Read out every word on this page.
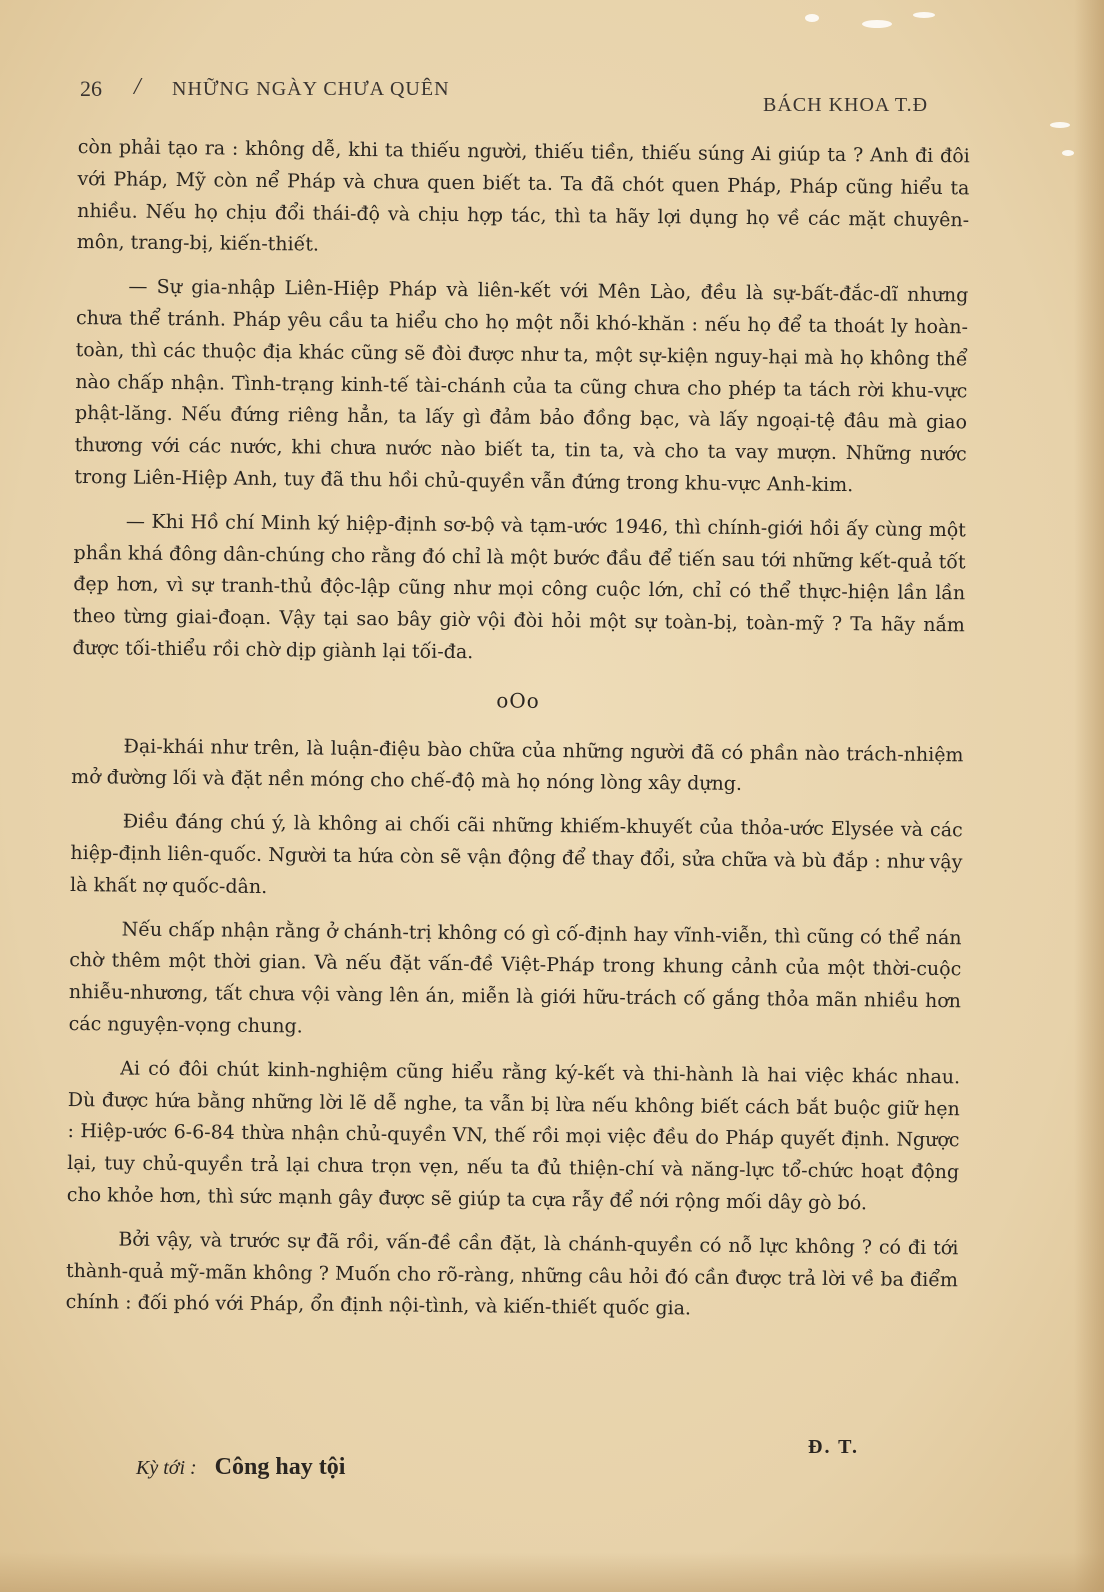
26 / NHỮNG NGÀY CHƯA QUÊN
BÁCH KHOA T.Đ

còn phải tạo ra : không dễ, khi ta thiếu người, thiếu tiền, thiếu súng Ai giúp ta ? Anh đi đôi với Pháp, Mỹ còn nể Pháp và chưa quen biết ta. Ta đã chót quen Pháp, Pháp cũng hiểu ta nhiều. Nếu họ chịu đổi thái-độ và chịu hợp tác, thì ta hãy lợi dụng họ về các mặt chuyên-môn, trang-bị, kiến-thiết.

— Sự gia-nhập Liên-Hiệp Pháp và liên-kết với Mên Lào, đều là sự-bất-đắc-dĩ nhưng chưa thể tránh. Pháp yêu cầu ta hiểu cho họ một nỗi khó-khăn : nếu họ để ta thoát ly hoàn-toàn, thì các thuộc địa khác cũng sẽ đòi được như ta, một sự-kiện nguy-hại mà họ không thể nào chấp nhận. Tình-trạng kinh-tế tài-chánh của ta cũng chưa cho phép ta tách rời khu-vực phật-lăng. Nếu đứng riêng hẳn, ta lấy gì đảm bảo đồng bạc, và lấy ngoại-tệ đâu mà giao thương với các nước, khi chưa nước nào biết ta, tin ta, và cho ta vay mượn. Những nước trong Liên-Hiệp Anh, tuy đã thu hồi chủ-quyền vẫn đứng trong khu-vực Anh-kim.

— Khi Hồ chí Minh ký hiệp-định sơ-bộ và tạm-ước 1946, thì chính-giới hồi ấy cùng một phần khá đông dân-chúng cho rằng đó chỉ là một bước đầu để tiến sau tới những kết-quả tốt đẹp hơn, vì sự tranh-thủ độc-lập cũng như mọi công cuộc lớn, chỉ có thể thực-hiện lần lần theo từng giai-đoạn. Vậy tại sao bây giờ vội đòi hỏi một sự toàn-bị, toàn-mỹ ? Ta hãy nắm được tối-thiểu rồi chờ dịp giành lại tối-đa.

oOo

Đại-khái như trên, là luận-điệu bào chữa của những người đã có phần nào trách-nhiệm mở đường lối và đặt nền móng cho chế-độ mà họ nóng lòng xây dựng.

Điều đáng chú ý, là không ai chối cãi những khiếm-khuyết của thỏa-ước Elysée và các hiệp-định liên-quốc. Người ta hứa còn sẽ vận động để thay đổi, sửa chữa và bù đắp : như vậy là khất nợ quốc-dân.

Nếu chấp nhận rằng ở chánh-trị không có gì cố-định hay vĩnh-viễn, thì cũng có thể nán chờ thêm một thời gian. Và nếu đặt vấn-đề Việt-Pháp trong khung cảnh của một thời-cuộc nhiễu-nhương, tất chưa vội vàng lên án, miễn là giới hữu-trách cố gắng thỏa mãn nhiều hơn các nguyện-vọng chung.

Ai có đôi chút kinh-nghiệm cũng hiểu rằng ký-kết và thi-hành là hai việc khác nhau. Dù được hứa bằng những lời lẽ dễ nghe, ta vẫn bị lừa nếu không biết cách bắt buộc giữ hẹn : Hiệp-ước 6-6-84 thừa nhận chủ-quyền VN, thế rồi mọi việc đều do Pháp quyết định. Ngược lại, tuy chủ-quyền trả lại chưa trọn vẹn, nếu ta đủ thiện-chí và năng-lực tổ-chức hoạt động cho khỏe hơn, thì sức mạnh gây được sẽ giúp ta cựa rẫy để nới rộng mối dây gò bó.

Bởi vậy, và trước sự đã rồi, vấn-đề cần đặt, là chánh-quyền có nỗ lực không ? có đi tới thành-quả mỹ-mãn không ? Muốn cho rõ-ràng, những câu hỏi đó cần được trả lời về ba điểm chính : đối phó với Pháp, ổn định nội-tình, và kiến-thiết quốc gia.

Đ. T.
Kỳ tới : Công hay tội
